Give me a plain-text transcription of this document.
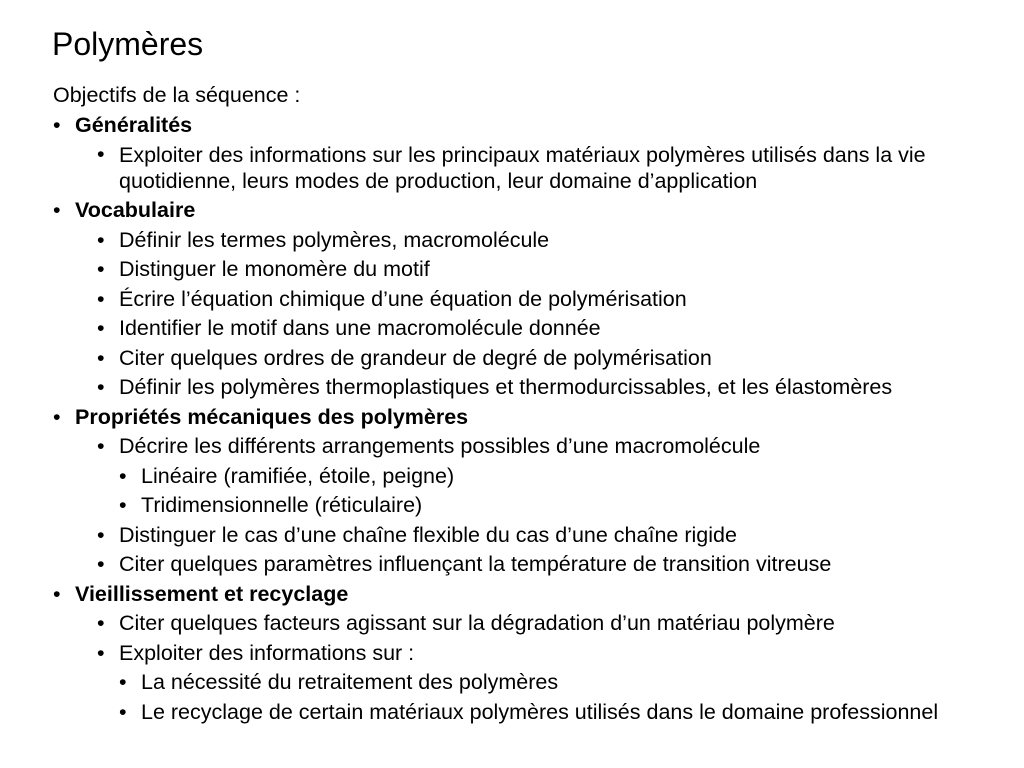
Polymères

Objectifs de la séquence :

• Généralités
• Exploiter des informations sur les principaux matériaux polymères utilisés dans la vie quotidienne, leurs modes de production, leur domaine d’application
• Vocabulaire
• Définir les termes polymères, macromolécule
• Distinguer le monomère du motif
• Écrire l’équation chimique d’une équation de polymérisation
• Identifier le motif dans une macromolécule donnée
• Citer quelques ordres de grandeur de degré de polymérisation
• Définir les polymères thermoplastiques et thermodurcissables, et les élastomères
• Propriétés mécaniques des polymères
• Décrire les différents arrangements possibles d’une macromolécule
• Linéaire (ramifiée, étoile, peigne)
• Tridimensionnelle (réticulaire)
• Distinguer le cas d’une chaîne flexible du cas d’une chaîne rigide
• Citer quelques paramètres influençant la température de transition vitreuse
• Vieillissement et recyclage
• Citer quelques facteurs agissant sur la dégradation d’un matériau polymère
• Exploiter des informations sur :
• La nécessité du retraitement des polymères
• Le recyclage de certain matériaux polymères utilisés dans le domaine professionnel
